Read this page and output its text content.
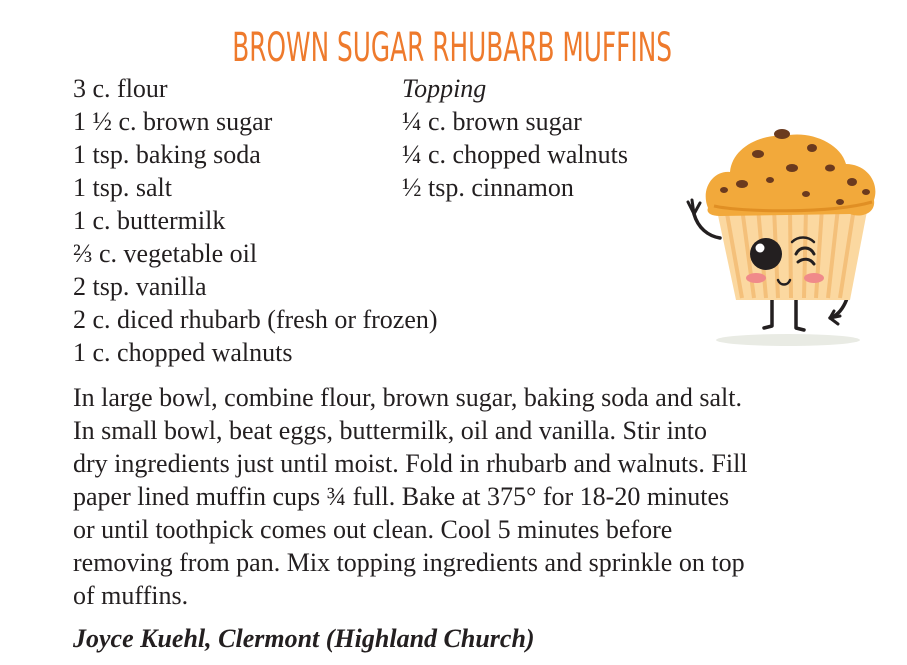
BROWN SUGAR RHUBARB MUFFINS
3 c. flour
1 ½ c. brown sugar
1 tsp. baking soda
1 tsp. salt
1 c. buttermilk
⅔ c. vegetable oil
2 tsp. vanilla
2 c. diced rhubarb (fresh or frozen)
1 c. chopped walnuts
Topping
¼ c. brown sugar
¼ c. chopped walnuts
½ tsp. cinnamon
In large bowl, combine flour, brown sugar, baking soda and salt.
In small bowl, beat eggs, buttermilk, oil and vanilla. Stir into
dry ingredients just until moist. Fold in rhubarb and walnuts. Fill
paper lined muffin cups ¾ full. Bake at 375° for 18-20 minutes
or until toothpick comes out clean. Cool 5 minutes before
removing from pan. Mix topping ingredients and sprinkle on top
of muffins.
Joyce Kuehl, Clermont (Highland Church)
